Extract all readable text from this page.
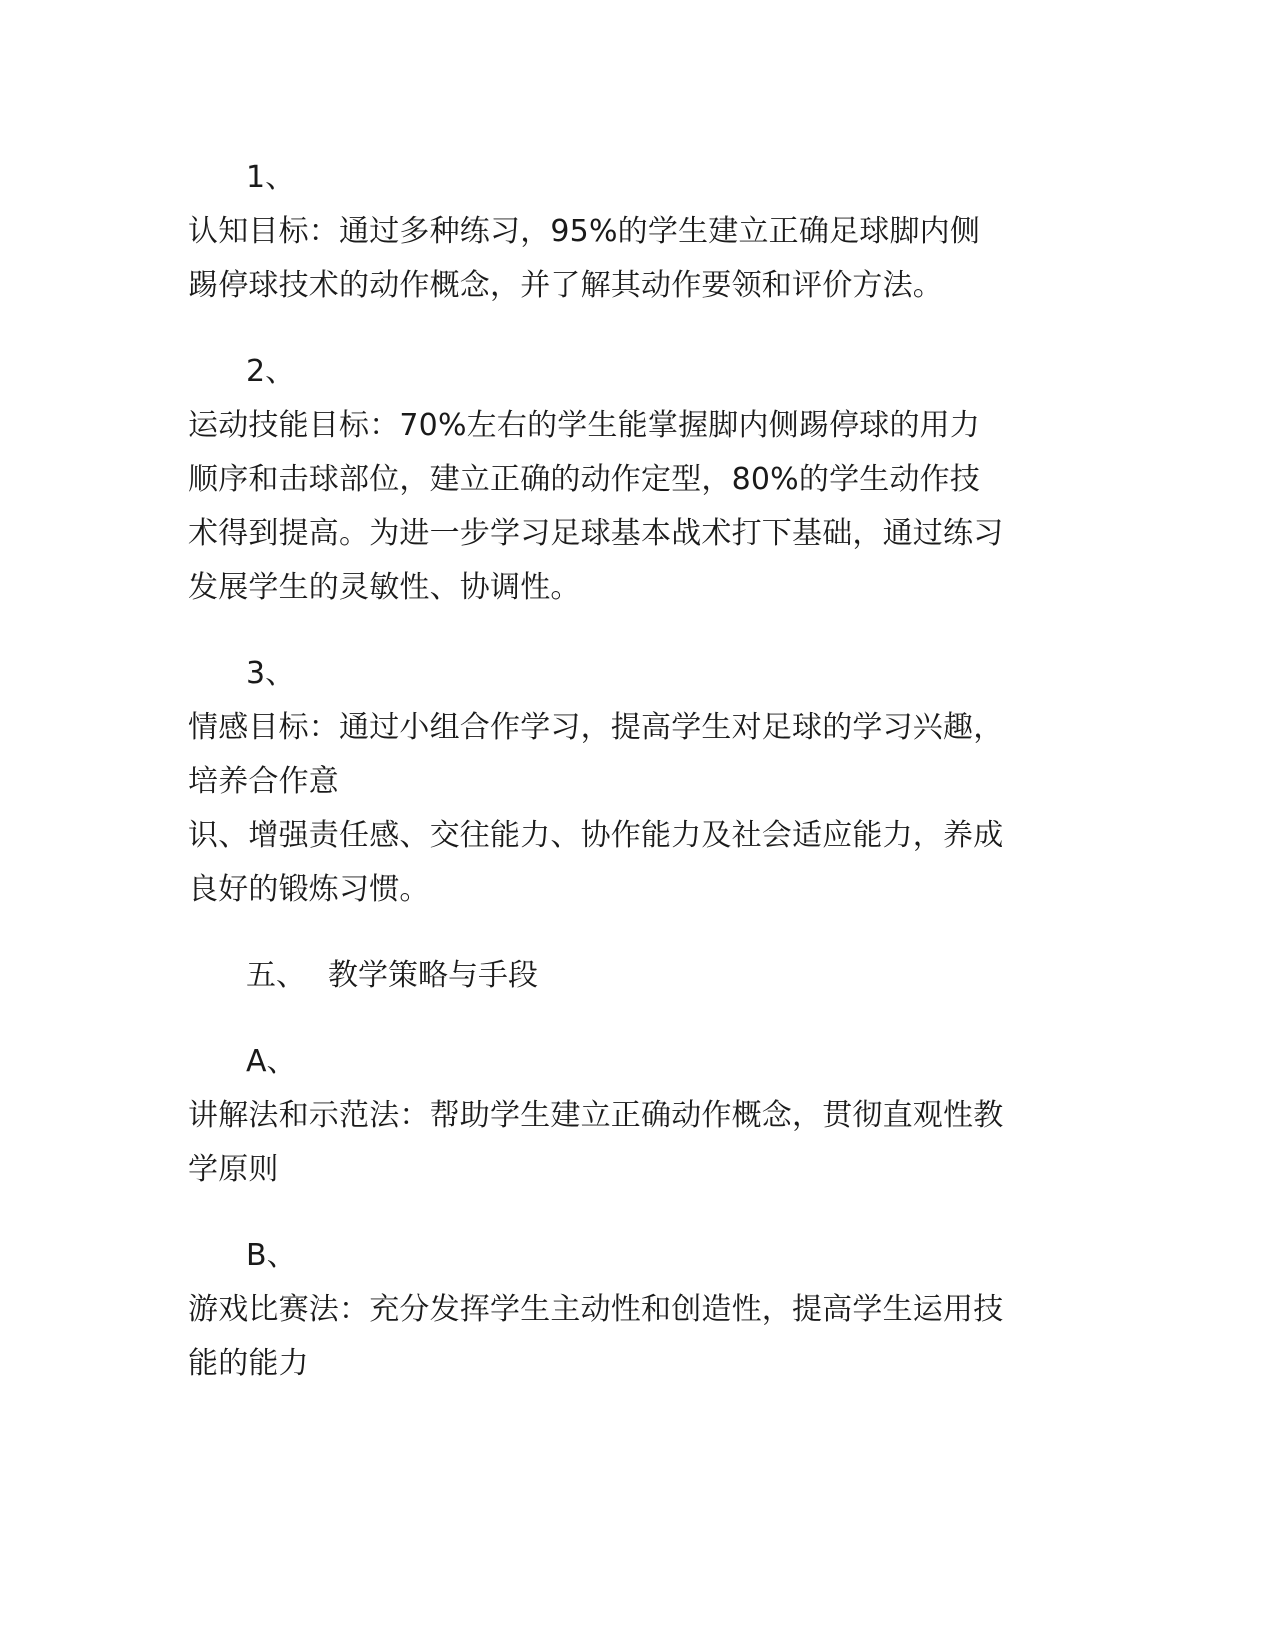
1、
认知目标：通过多种练习，95%的学生建立正确足球脚内侧
踢停球技术的动作概念，并了解其动作要领和评价方法。
2、
运动技能目标：70%左右的学生能掌握脚内侧踢停球的用力
顺序和击球部位，建立正确的动作定型，80%的学生动作技
术得到提高。为进一步学习足球基本战术打下基础，通过练习
发展学生的灵敏性、协调性。
3、
情感目标：通过小组合作学习，提高学生对足球的学习兴趣，
培养合作意
识、增强责任感、交往能力、协作能力及社会适应能力，养成
良好的锻炼习惯。
五、 教学策略与手段
A、
讲解法和示范法：帮助学生建立正确动作概念，贯彻直观性教
学原则
B、
游戏比赛法：充分发挥学生主动性和创造性，提高学生运用技
能的能力
